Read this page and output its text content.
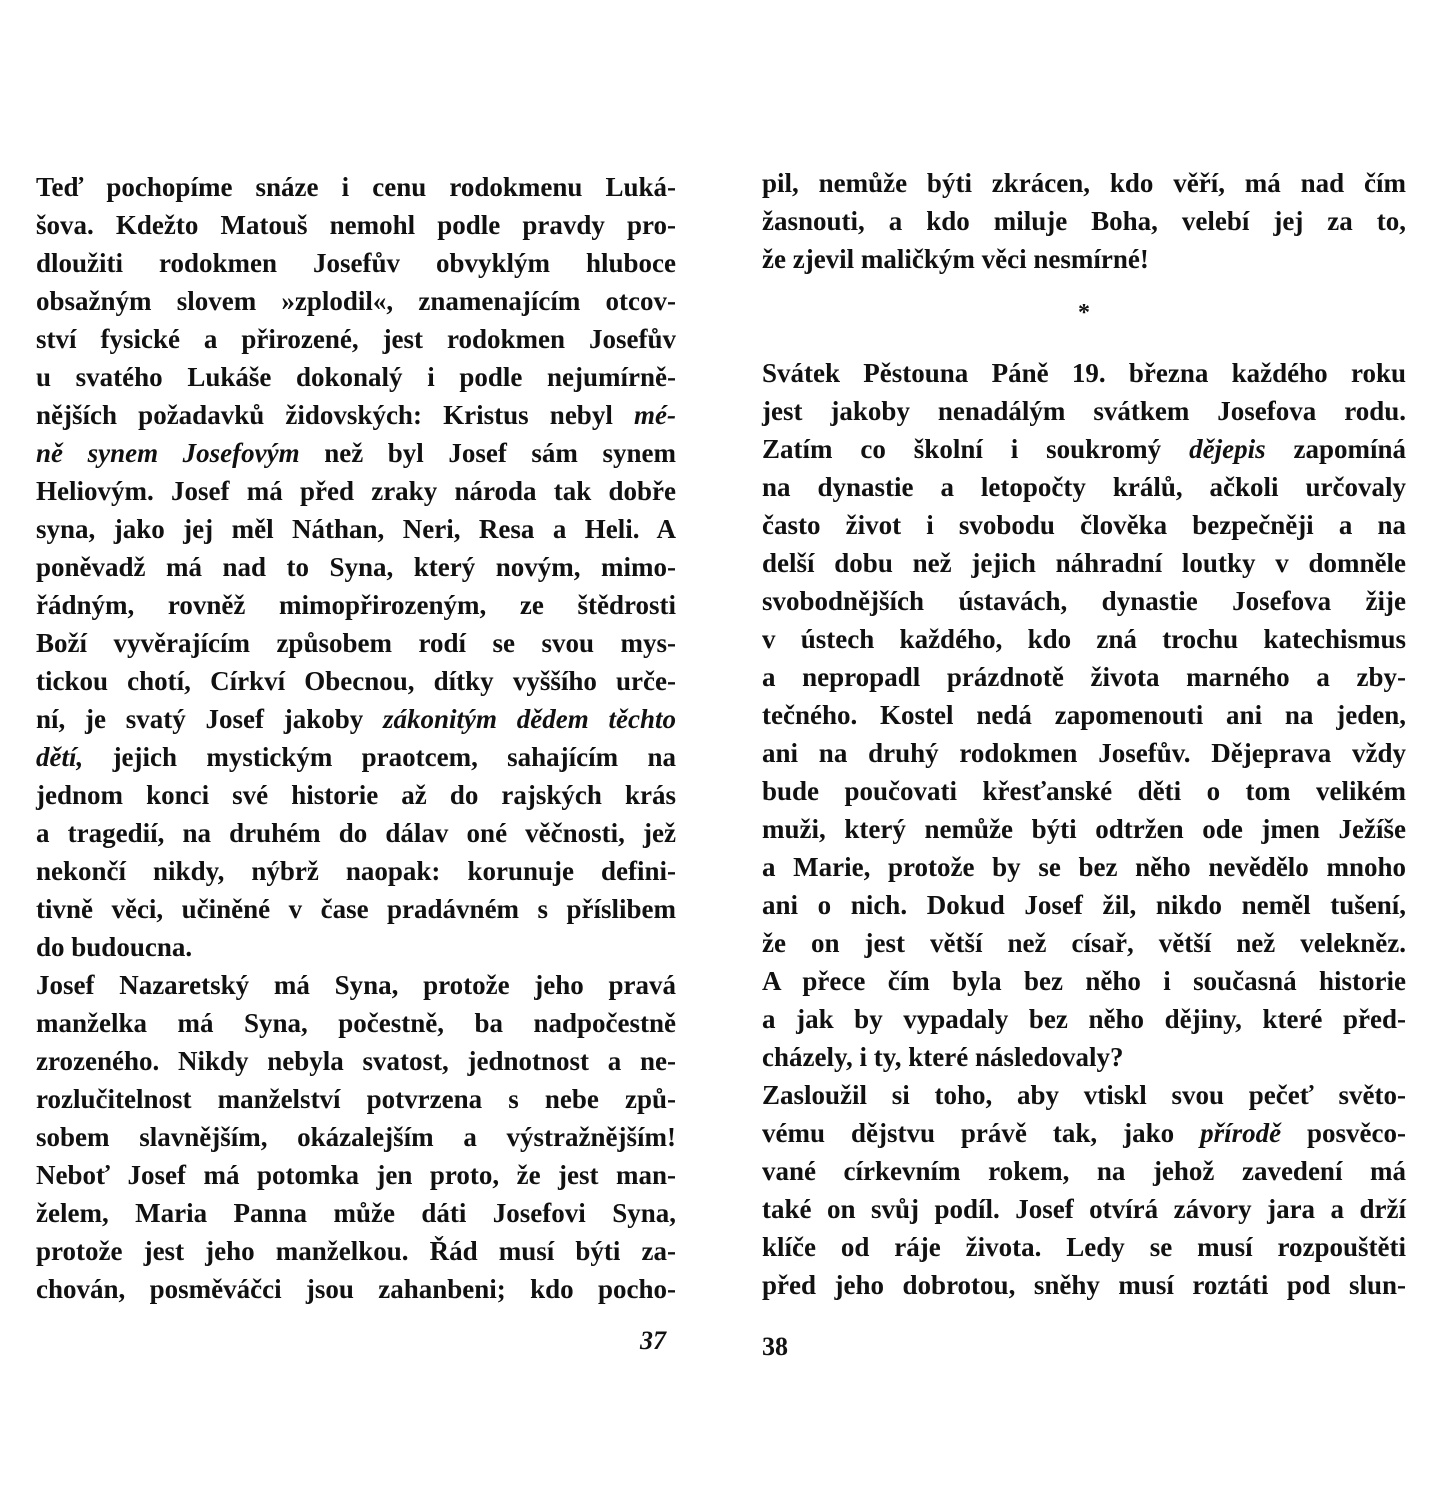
Teď pochopíme snáze i cenu rodokmenu Luká-
šova. Kdežto Matouš nemohl podle pravdy pro-
dloužiti rodokmen Josefův obvyklým hluboce
obsažným slovem »zplodil«, znamenajícím otcov-
ství fysické a přirozené, jest rodokmen Josefův
u svatého Lukáše dokonalý i podle nejumírně-
nějších požadavků židovských: Kristus nebyl mé-
ně synem Josefovým než byl Josef sám synem
Heliovým. Josef má před zraky národa tak dobře
syna, jako jej měl Náthan, Neri, Resa a Heli. A
poněvadž má nad to Syna, který novým, mimo-
řádným, rovněž mimopřirozeným, ze štědrosti
Boží vyvěrajícím způsobem rodí se svou mys-
tickou chotí, Církví Obecnou, dítky vyššího urče-
ní, je svatý Josef jakoby zákonitým dědem těchto
dětí, jejich mystickým praotcem, sahajícím na
jednom konci své historie až do rajských krás
a tragedií, na druhém do dálav oné věčnosti, jež
nekončí nikdy, nýbrž naopak: korunuje defini-
tivně věci, učiněné v čase pradávném s příslibem
do budoucna.
Josef Nazaretský má Syna, protože jeho pravá
manželka má Syna, počestně, ba nadpočestně
zrozeného. Nikdy nebyla svatost, jednotnost a ne-
rozlučitelnost manželství potvrzena s nebe způ-
sobem slavnějším, okázalejším a výstražnějším!
Neboť Josef má potomka jen proto, že jest man-
želem, Maria Panna může dáti Josefovi Syna,
protože jest jeho manželkou. Řád musí býti za-
chován, posměváčci jsou zahanbeni; kdo pocho-
37
pil, nemůže býti zkrácen, kdo věří, má nad čím
žasnouti, a kdo miluje Boha, velebí jej za to,
že zjevil maličkým věci nesmírné!
*
Svátek Pěstouna Páně 19. března každého roku
jest jakoby nenadálým svátkem Josefova rodu.
Zatím co školní i soukromý dějepis zapomíná
na dynastie a letopočty králů, ačkoli určovaly
často život i svobodu člověka bezpečněji a na
delší dobu než jejich náhradní loutky v domněle
svobodnějších ústavách, dynastie Josefova žije
v ústech každého, kdo zná trochu katechismus
a nepropadl prázdnotě života marného a zby-
tečného. Kostel nedá zapomenouti ani na jeden,
ani na druhý rodokmen Josefův. Dějeprava vždy
bude poučovati křesťanské děti o tom velikém
muži, který nemůže býti odtržen ode jmen Ježíše
a Marie, protože by se bez něho nevědělo mnoho
ani o nich. Dokud Josef žil, nikdo neměl tušení,
že on jest větší než císař, větší než velekněz.
A přece čím byla bez něho i současná historie
a jak by vypadaly bez něho dějiny, které před-
cházely, i ty, které následovaly?
Zasloužil si toho, aby vtiskl svou pečeť světo-
vému dějstvu právě tak, jako přírodě posvěco-
vané církevním rokem, na jehož zavedení má
také on svůj podíl. Josef otvírá závory jara a drží
klíče od ráje života. Ledy se musí rozpouštěti
před jeho dobrotou, sněhy musí roztáti pod slun-
38
